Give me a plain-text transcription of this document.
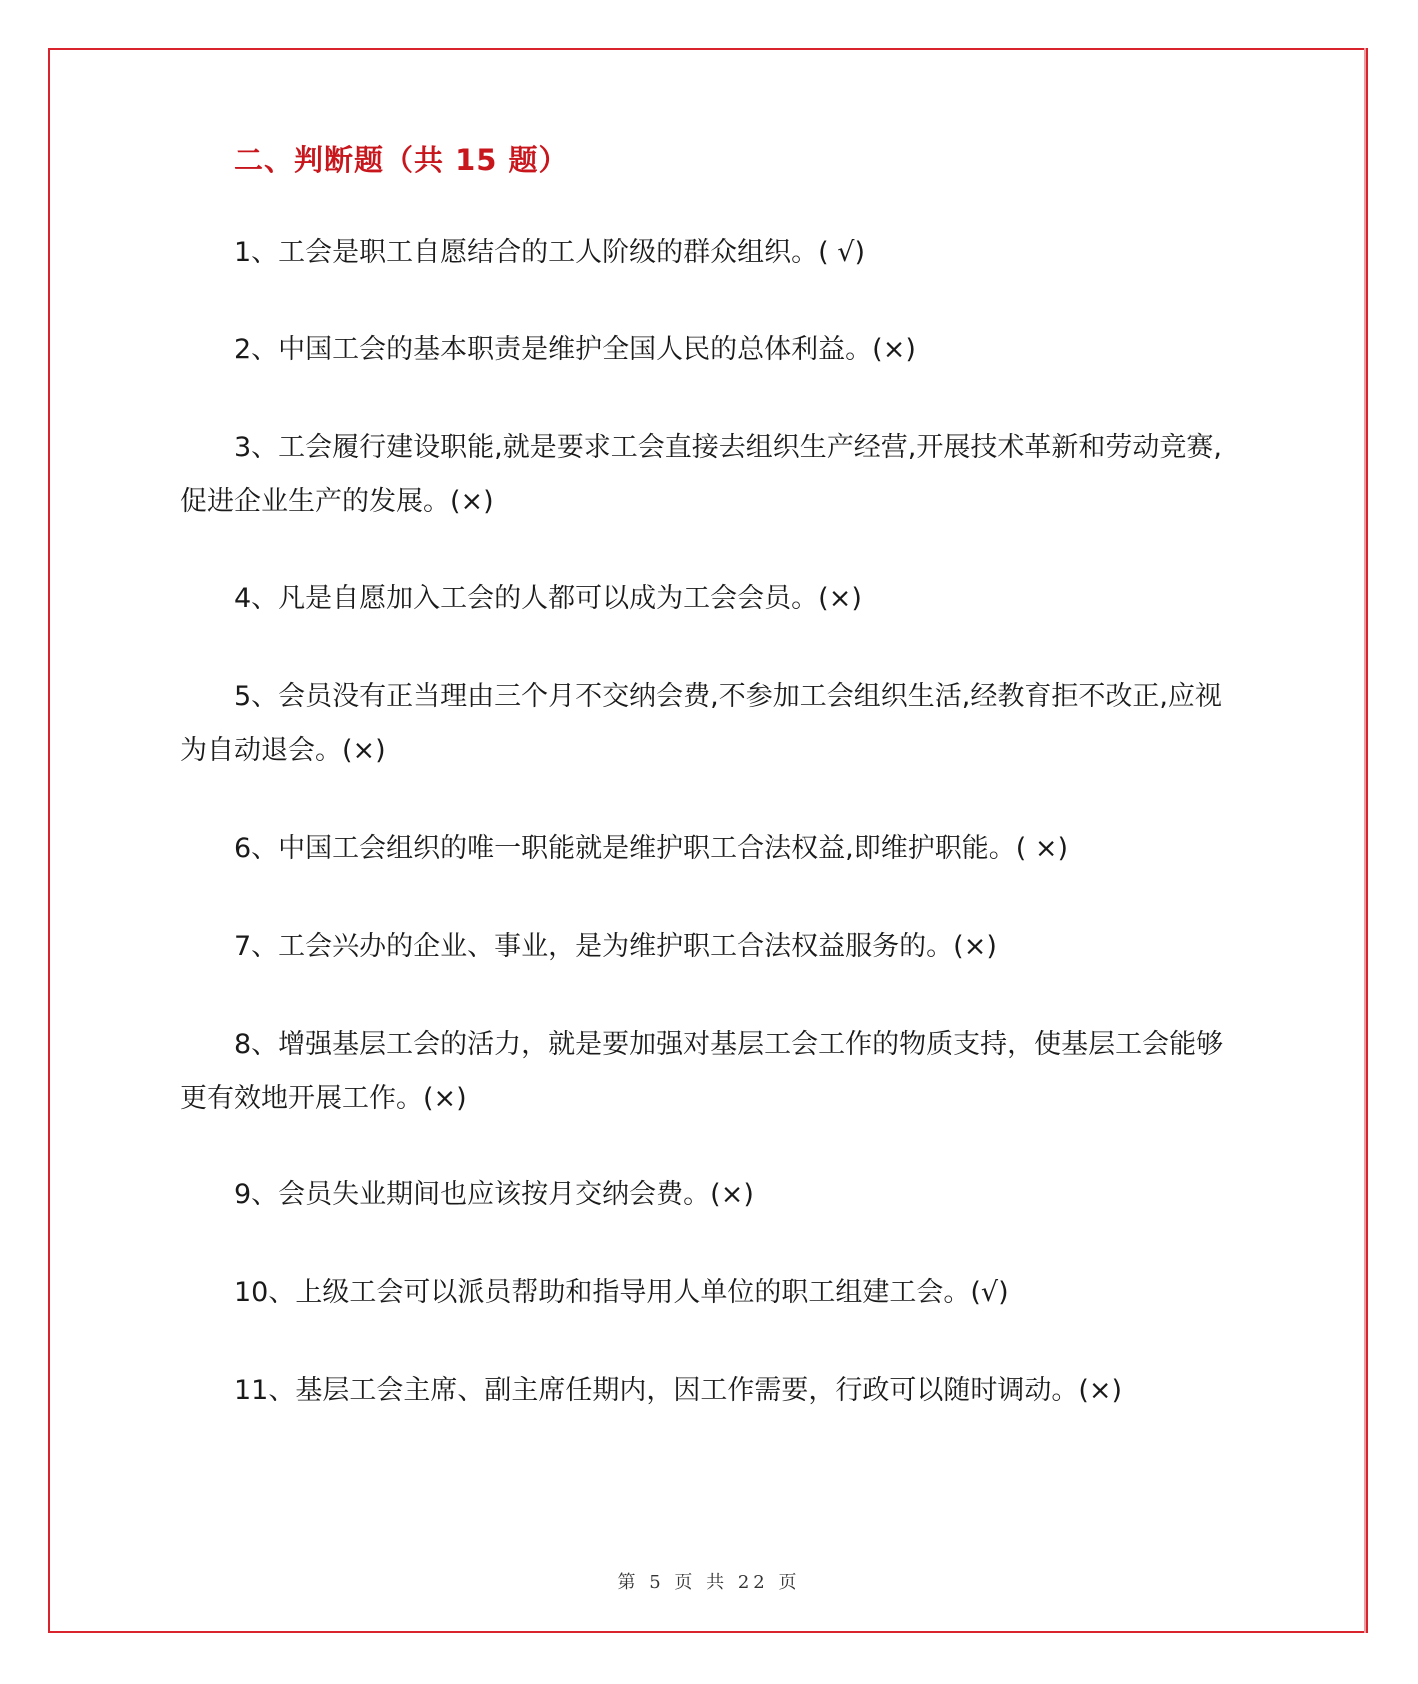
二、判断题（共 15 题）
1、工会是职工自愿结合的工人阶级的群众组织。( √)
2、中国工会的基本职责是维护全国人民的总体利益。(×)
3、工会履行建设职能,就是要求工会直接去组织生产经营,开展技术革新和劳动竞赛,促进企业生产的发展。(×)
4、凡是自愿加入工会的人都可以成为工会会员。(×)
5、会员没有正当理由三个月不交纳会费,不参加工会组织生活,经教育拒不改正,应视为自动退会。(×)
6、中国工会组织的唯一职能就是维护职工合法权益,即维护职能。( ×)
7、工会兴办的企业、事业，是为维护职工合法权益服务的。(×)
8、增强基层工会的活力，就是要加强对基层工会工作的物质支持，使基层工会能够更有效地开展工作。(×)
9、会员失业期间也应该按月交纳会费。(×)
10、上级工会可以派员帮助和指导用人单位的职工组建工会。(√)
11、基层工会主席、副主席任期内，因工作需要，行政可以随时调动。(×)
第 5 页 共 22 页
